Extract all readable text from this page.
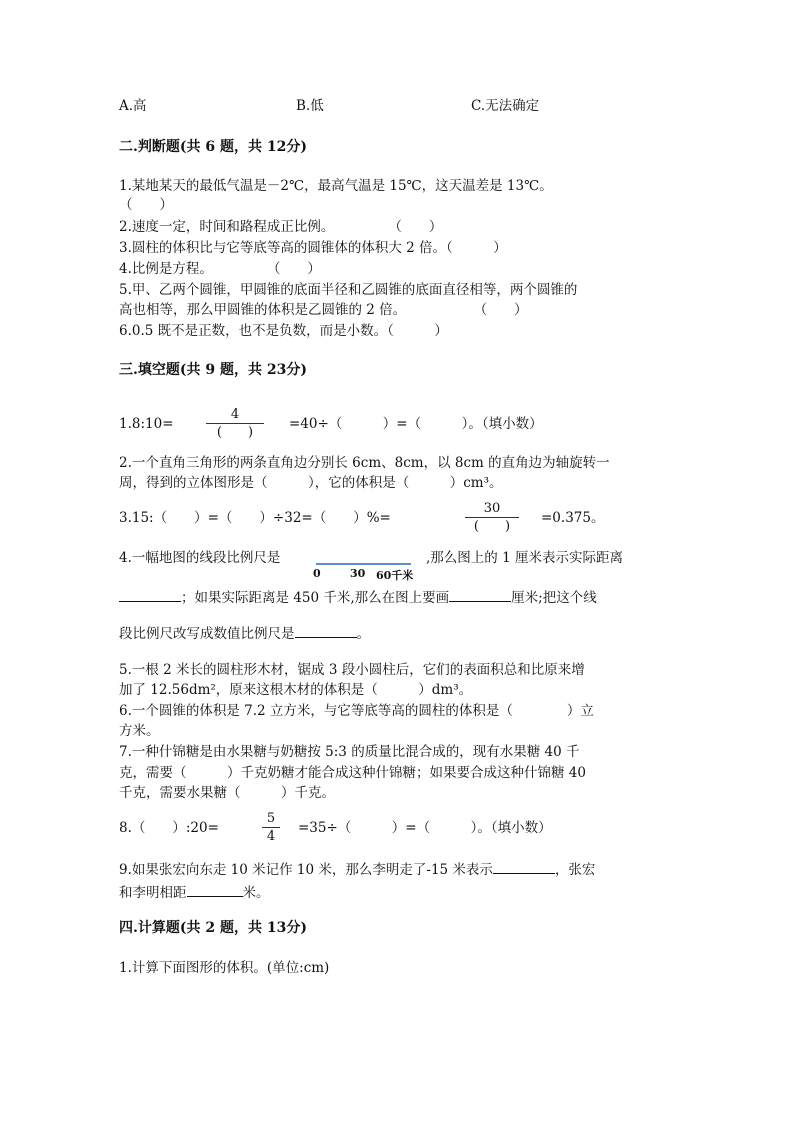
A.高	B.低	C.无法确定
二.判断题(共 6 题，共 12分)
1.某地某天的最低气温是－2℃，最高气温是 15℃，这天温差是 13℃。
（　　）
2.速度一定，时间和路程成正比例。　　　　　（　　）
3.圆柱的体积比与它等底等高的圆锥体的体积大 2 倍。（　　　）
4.比例是方程。　　　　　（　　）
5.甲、乙两个圆锥，甲圆锥的底面半径和乙圆锥的底面直径相等，两个圆锥的
高也相等，那么甲圆锥的体积是乙圆锥的 2 倍。　　　　　　（　　）
6.0.5 既不是正数，也不是负数，而是小数。（　　　）
三.填空题(共 9 题，共 23分)
1.8:10=
4
(　　)
=40÷（　　　）=（　　　）。（填小数）
2.一个直角三角形的两条直角边分别长 6cm、8cm，以 8cm 的直角边为轴旋转一
周，得到的立体图形是（　　　），它的体积是（　　　）cm³。
3.15:（　　）=（　　）÷32=（　　）%=
30
(　　)
=0.375。
4.一幅地图的线段比例尺是
0	30 60千米
,那么图上的 1 厘米表示实际距离
；如果实际距离是 450 千米,那么在图上要画	厘米;把这个线
段比例尺改写成数值比例尺是	。
5.一根 2 米长的圆柱形木材，锯成 3 段小圆柱后，它们的表面积总和比原来增
加了 12.56dm²，原来这根木材的体积是（　　　）dm³。
6.一个圆锥的体积是 7.2 立方米，与它等底等高的圆柱的体积是（　　　　）立
方米。
7.一种什锦糖是由水果糖与奶糖按 5:3 的质量比混合成的，现有水果糖 40 千
克，需要（　　　）千克奶糖才能合成这种什锦糖；如果要合成这种什锦糖 40
千克，需要水果糖（　　　）千克。
8.（　　）:20=
5
4
=35÷（　　　）=（　　　）。（填小数）
9.如果张宏向东走 10 米记作 10 米，那么李明走了-15 米表示	，张宏
和李明相距	米。
四.计算题(共 2 题，共 13分)
1.计算下面图形的体积。(单位:cm)
